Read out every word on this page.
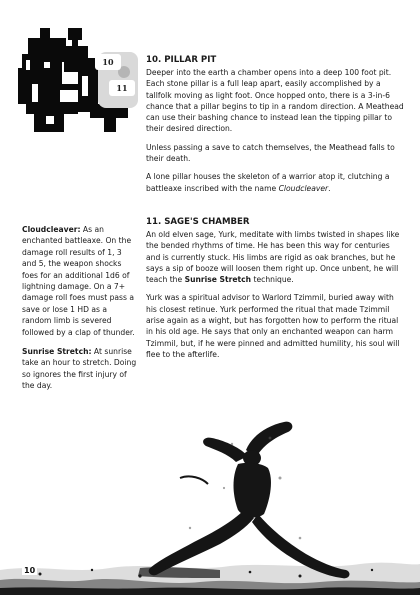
10
11
10. PILLAR PIT

Deeper into the earth a chamber opens into a deep 100 foot pit. Each stone pillar is a full leap apart, easily accomplished by a tallfolk moving as light foot. Once hopped onto, there is a 3-in-6 chance that a pillar begins to tip in a random direction. A Meathead can use their bashing chance to instead lean the tipping pillar to their desired direction.

Unless passing a save to catch themselves, the Meathead falls to their death.

A lone pillar houses the skeleton of a warrior atop it, clutching a battleaxe inscribed with the name Cloudcleaver.

11. SAGE'S CHAMBER

An old elven sage, Yurk, meditate with limbs twisted in shapes like the bended rhythms of time. He has been this way for centuries and is currently stuck. His limbs are rigid as oak branches, but he says a sip of booze will loosen them right up. Once unbent, he will teach the Sunrise Stretch technique.

Yurk was a spiritual advisor to Warlord Tzimmil, buried away with his closest retinue. Yurk performed the ritual that made Tzimmil arise again as a wight, but has forgotten how to perform the ritual in his old age. He says that only an enchanted weapon can harm Tzimmil, but, if he were pinned and admitted humility, his soul will flee to the afterlife.

Cloudcleaver: As an enchanted battleaxe. On the damage roll results of 1, 3 and 5, the weapon shocks foes for an additional 1d6 of lightning damage. On a 7+ damage roll foes must pass a save or lose 1 HD as a random limb is severed followed by a clap of thunder.

Sunrise Stretch: At sunrise take an hour to stretch. Doing so ignores the first injury of the day.

10
